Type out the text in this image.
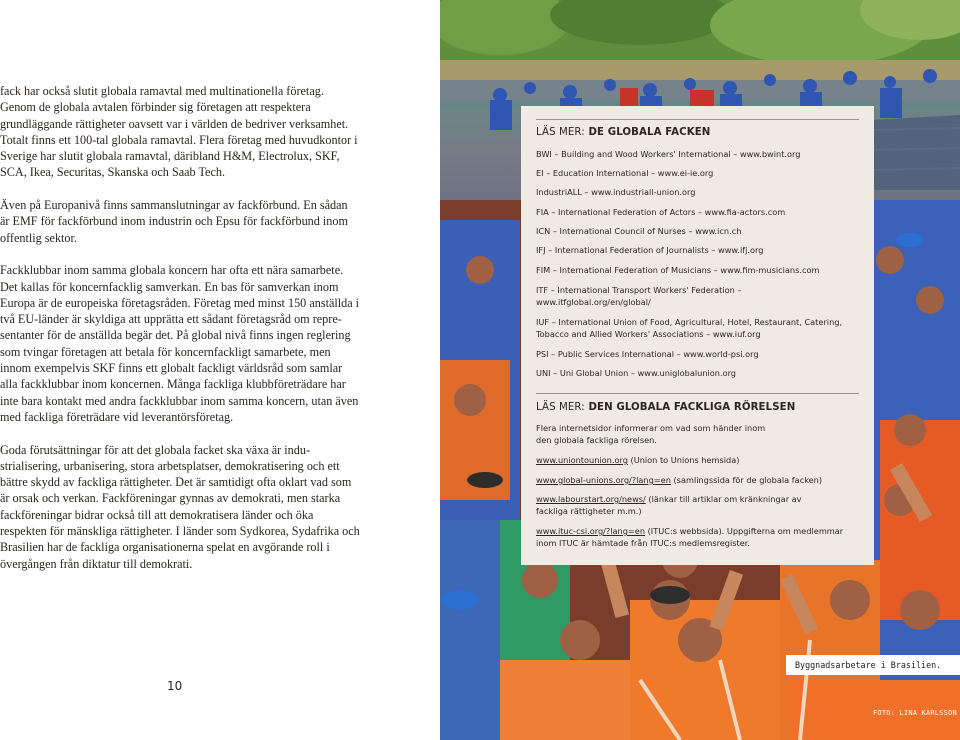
fack har också slutit globala ramavtal med multinationella företag. Genom de globala avtalen förbinder sig företagen att respektera grundläggande rättigheter oavsett var i världen de bedriver verksamhet. Totalt finns ett 100-tal globala ramavtal. Flera företag med huvudkontor i Sverige har slutit globala ramavtal, däribland H&M, Electrolux, SKF, SCA, Ikea, Securitas, Skanska och Saab Tech.

Även på Europanivå finns sammanslutningar av fackförbund. En sådan är EMF för fackförbund inom industrin och Epsu för fackförbund inom offentlig sektor.

Fackklubbar inom samma globala koncern har ofta ett nära samarbete. Det kallas för koncernfacklig samverkan. En bas för samverkan inom Europa är de europeiska företagsråden. Företag med minst 150 anställda i två EU-länder är skyldiga att upprätta ett sådant företagsråd om representanter för de anställda begär det. På global nivå finns ingen reglering som tvingar företagen att betala för koncernfackligt samarbete, men innom exempelvis SKF finns ett globalt fackligt världsråd som samlar alla fackklubbar inom koncernen. Många fackliga klubbföreträdare har inte bara kontakt med andra fackklubbar inom samma koncern, utan även med fackliga företrädare vid leverantörsföretag.

Goda förutsättningar för att det globala facket ska växa är industrialisering, urbanisering, stora arbetsplatser, demokratisering och ett bättre skydd av fackliga rättigheter. Det är samtidigt ofta oklart vad som är orsak och verkan. Fackföreningar gynnas av demokrati, men starka fackföreningar bidrar också till att demokratiserа länder och öka respekten för mänskliga rättigheter. I länder som Sydkorea, Sydafrika och Brasilien har de fackliga organisationerna spelat en avgörande roll i övergången från diktatur till demokrati.

10
LÄS MER: DE GLOBALA FACKEN
BWI – Building and Wood Workers' International – www.bwint.org
EI – Education International – www.ei-ie.org
IndustriALL – www.industriall-union.org
FIA – International Federation of Actors – www.fia-actors.com
ICN – International Council of Nurses – www.icn.ch
IFJ – International Federation of Journalists – www.ifj.org
FIM – International Federation of Musicians – www.fim-musicians.com
ITF – International Transport Workers' Federation – www.itfglobal.org/en/global/
IUF – International Union of Food, Agricultural, Hotel, Restaurant, Catering, Tobacco and Allied Workers' Associations – www.iuf.org
PSI – Public Services International – www.world-psi.org
UNI – Uni Global Union – www.uniglobalunion.org
LÄS MER: DEN GLOBALA FACKLIGA RÖRELSEN
Flera internetsidor informerar om vad som händer inom den globala fackliga rörelsen.
www.uniontounion.org (Union to Unions hemsida)
www.global-unions.org/?lang=en (samlingssida för de globala facken)
www.labourstart.org/news/ (länkar till artiklar om kränkningar av fackliga rättigheter m.m.)
www.ituc-csi.org/?lang=en (ITUC:s webbsida). Uppgifterna om medlemmar inom ITUC är hämtade från ITUC:s medlemsregister.
Byggnadsarbetare i Brasilien.
FOTO: LINA KARLSSON
